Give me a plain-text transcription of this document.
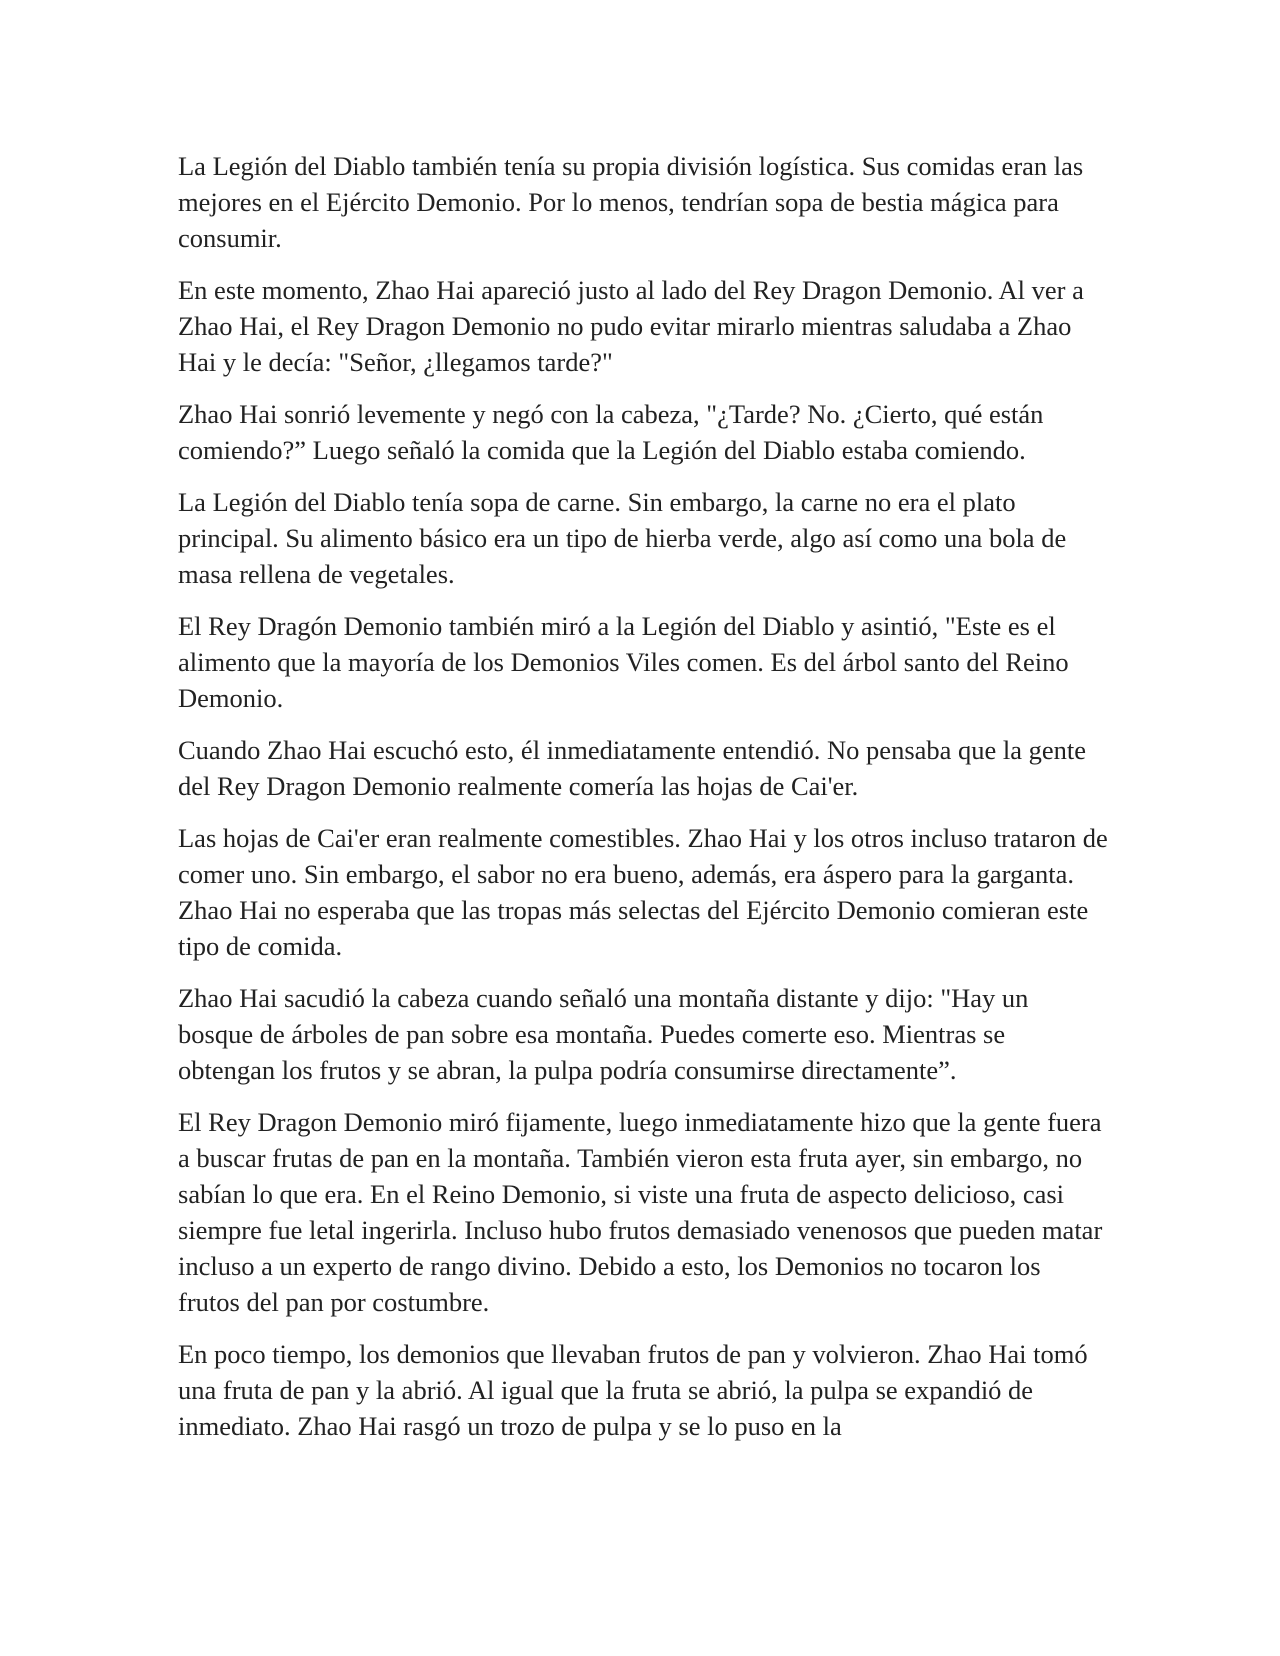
La Legión del Diablo también tenía su propia división logística. Sus comidas eran las mejores en el Ejército Demonio. Por lo menos, tendrían sopa de bestia mágica para consumir.

En este momento, Zhao Hai apareció justo al lado del Rey Dragon Demonio. Al ver a Zhao Hai, el Rey Dragon Demonio no pudo evitar mirarlo mientras saludaba a Zhao Hai y le decía: "Señor, ¿llegamos tarde?"

Zhao Hai sonrió levemente y negó con la cabeza, "¿Tarde? No. ¿Cierto, qué están comiendo?” Luego señaló la comida que la Legión del Diablo estaba comiendo.

La Legión del Diablo tenía sopa de carne. Sin embargo, la carne no era el plato principal. Su alimento básico era un tipo de hierba verde, algo así como una bola de masa rellena de vegetales.

El Rey Dragón Demonio también miró a la Legión del Diablo y asintió, "Este es el alimento que la mayoría de los Demonios Viles comen. Es del árbol santo del Reino Demonio.

Cuando Zhao Hai escuchó esto, él inmediatamente entendió. No pensaba que la gente del Rey Dragon Demonio realmente comería las hojas de Cai'er.

Las hojas de Cai'er eran realmente comestibles. Zhao Hai y los otros incluso trataron de comer uno. Sin embargo, el sabor no era bueno, además, era áspero para la garganta. Zhao Hai no esperaba que las tropas más selectas del Ejército Demonio comieran este tipo de comida.

Zhao Hai sacudió la cabeza cuando señaló una montaña distante y dijo: "Hay un bosque de árboles de pan sobre esa montaña. Puedes comerte eso. Mientras se obtengan los frutos y se abran, la pulpa podría consumirse directamente”.

El Rey Dragon Demonio miró fijamente, luego inmediatamente hizo que la gente fuera a buscar frutas de pan en la montaña. También vieron esta fruta ayer, sin embargo, no sabían lo que era. En el Reino Demonio, si viste una fruta de aspecto delicioso, casi siempre fue letal ingerirla. Incluso hubo frutos demasiado venenosos que pueden matar incluso a un experto de rango divino. Debido a esto, los Demonios no tocaron los frutos del pan por costumbre.

En poco tiempo, los demonios que llevaban frutos de pan y volvieron. Zhao Hai tomó una fruta de pan y la abrió. Al igual que la fruta se abrió, la pulpa se expandió de inmediato. Zhao Hai rasgó un trozo de pulpa y se lo puso en la
